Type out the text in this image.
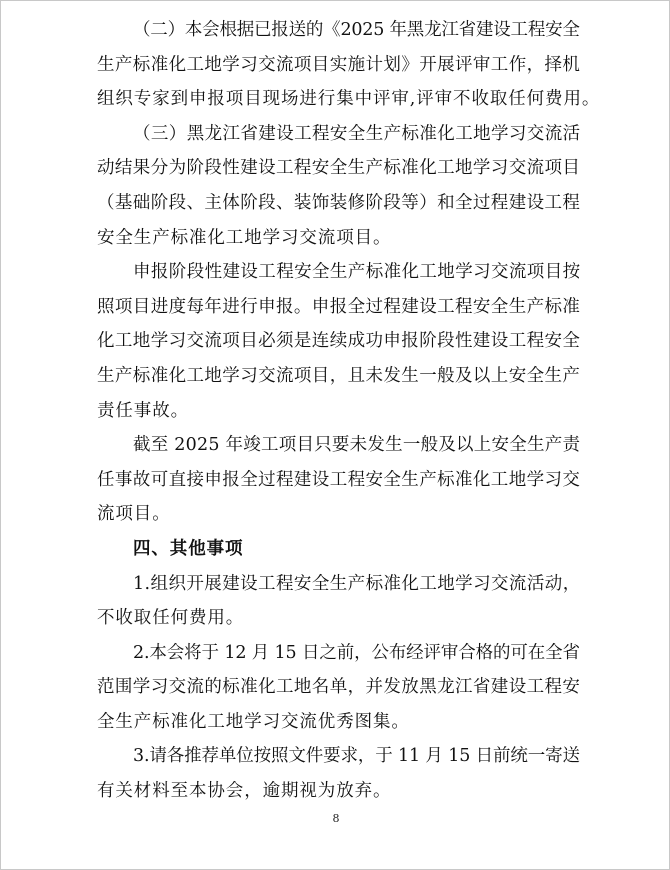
（二）本会根据已报送的《2025 年黑龙江省建设工程安全
生产标准化工地学习交流项目实施计划》开展评审工作，择机
组织专家到申报项目现场进行集中评审,评审不收取任何费用。
（三）黑龙江省建设工程安全生产标准化工地学习交流活
动结果分为阶段性建设工程安全生产标准化工地学习交流项目
（基础阶段、主体阶段、装饰装修阶段等）和全过程建设工程
安全生产标准化工地学习交流项目。
申报阶段性建设工程安全生产标准化工地学习交流项目按
照项目进度每年进行申报。申报全过程建设工程安全生产标准
化工地学习交流项目必须是连续成功申报阶段性建设工程安全
生产标准化工地学习交流项目，且未发生一般及以上安全生产
责任事故。
截至 2025 年竣工项目只要未发生一般及以上安全生产责
任事故可直接申报全过程建设工程安全生产标准化工地学习交
流项目。
四、其他事项
1.组织开展建设工程安全生产标准化工地学习交流活动，
不收取任何费用。
2.本会将于 12 月 15 日之前，公布经评审合格的可在全省
范围学习交流的标准化工地名单，并发放黑龙江省建设工程安
全生产标准化工地学习交流优秀图集。
3.请各推荐单位按照文件要求，于 11 月 15 日前统一寄送
有关材料至本协会，逾期视为放弃。
8
